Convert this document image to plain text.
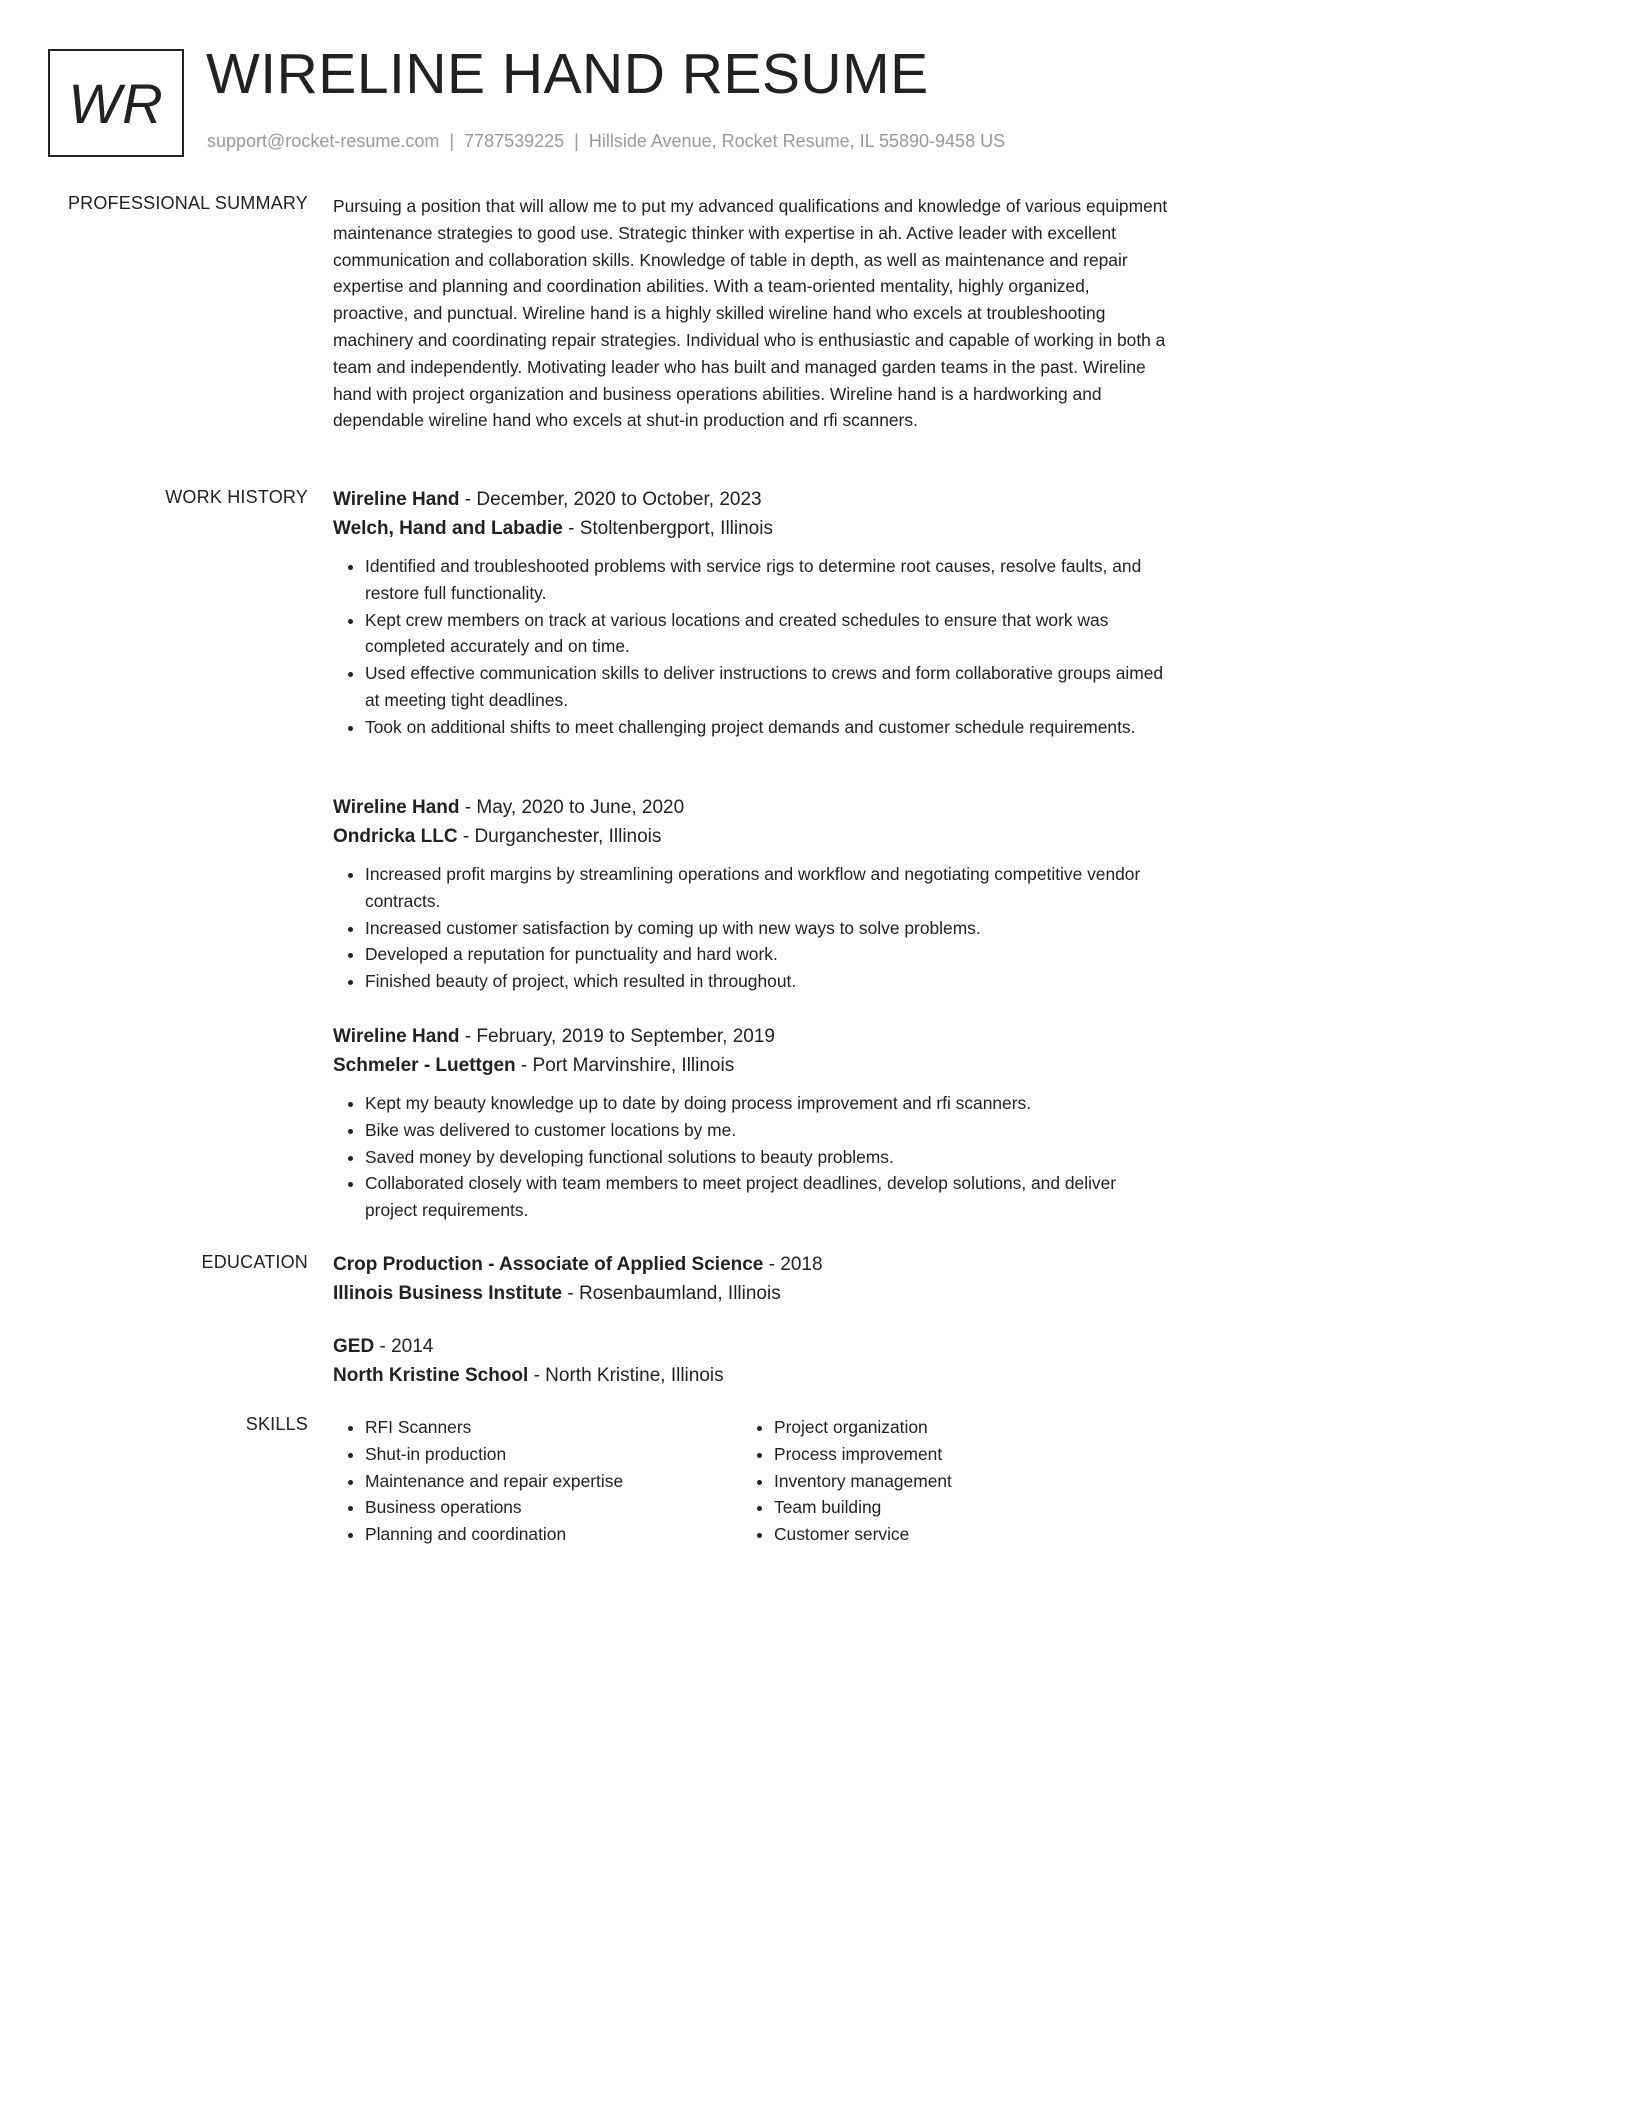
WR WIRELINE HAND RESUME
support@rocket-resume.com | 7787539225 | Hillside Avenue, Rocket Resume, IL 55890-9458 US
PROFESSIONAL SUMMARY Pursuing a position that will allow me to put my advanced qualifications and knowledge of various equipment maintenance strategies to good use. Strategic thinker with expertise in ah. Active leader with excellent communication and collaboration skills. Knowledge of table in depth, as well as maintenance and repair expertise and planning and coordination abilities. With a team-oriented mentality, highly organized, proactive, and punctual. Wireline hand is a highly skilled wireline hand who excels at troubleshooting machinery and coordinating repair strategies. Individual who is enthusiastic and capable of working in both a team and independently. Motivating leader who has built and managed garden teams in the past. Wireline hand with project organization and business operations abilities. Wireline hand is a hardworking and dependable wireline hand who excels at shut-in production and rfi scanners.
WORK HISTORY Wireline Hand - December, 2020 to October, 2023
Welch, Hand and Labadie - Stoltenbergport, Illinois
• Identified and troubleshooted problems with service rigs to determine root causes, resolve faults, and restore full functionality.
• Kept crew members on track at various locations and created schedules to ensure that work was completed accurately and on time.
• Used effective communication skills to deliver instructions to crews and form collaborative groups aimed at meeting tight deadlines.
• Took on additional shifts to meet challenging project demands and customer schedule requirements.
Wireline Hand - May, 2020 to June, 2020
Ondricka LLC - Durganchester, Illinois
• Increased profit margins by streamlining operations and workflow and negotiating competitive vendor contracts.
• Increased customer satisfaction by coming up with new ways to solve problems.
• Developed a reputation for punctuality and hard work.
• Finished beauty of project, which resulted in throughout.
Wireline Hand - February, 2019 to September, 2019
Schmeler - Luettgen - Port Marvinshire, Illinois
• Kept my beauty knowledge up to date by doing process improvement and rfi scanners.
• Bike was delivered to customer locations by me.
• Saved money by developing functional solutions to beauty problems.
• Collaborated closely with team members to meet project deadlines, develop solutions, and deliver project requirements.
EDUCATION Crop Production - Associate of Applied Science - 2018
Illinois Business Institute - Rosenbaumland, Illinois
GED - 2014
North Kristine School - North Kristine, Illinois
SKILLS
•	RFI Scanners
• Shut-in production
• Maintenance and repair expertise
• Business operations
• Planning and coordination
• Project organization
• Process improvement
• Inventory management
• Team building
• Customer service
